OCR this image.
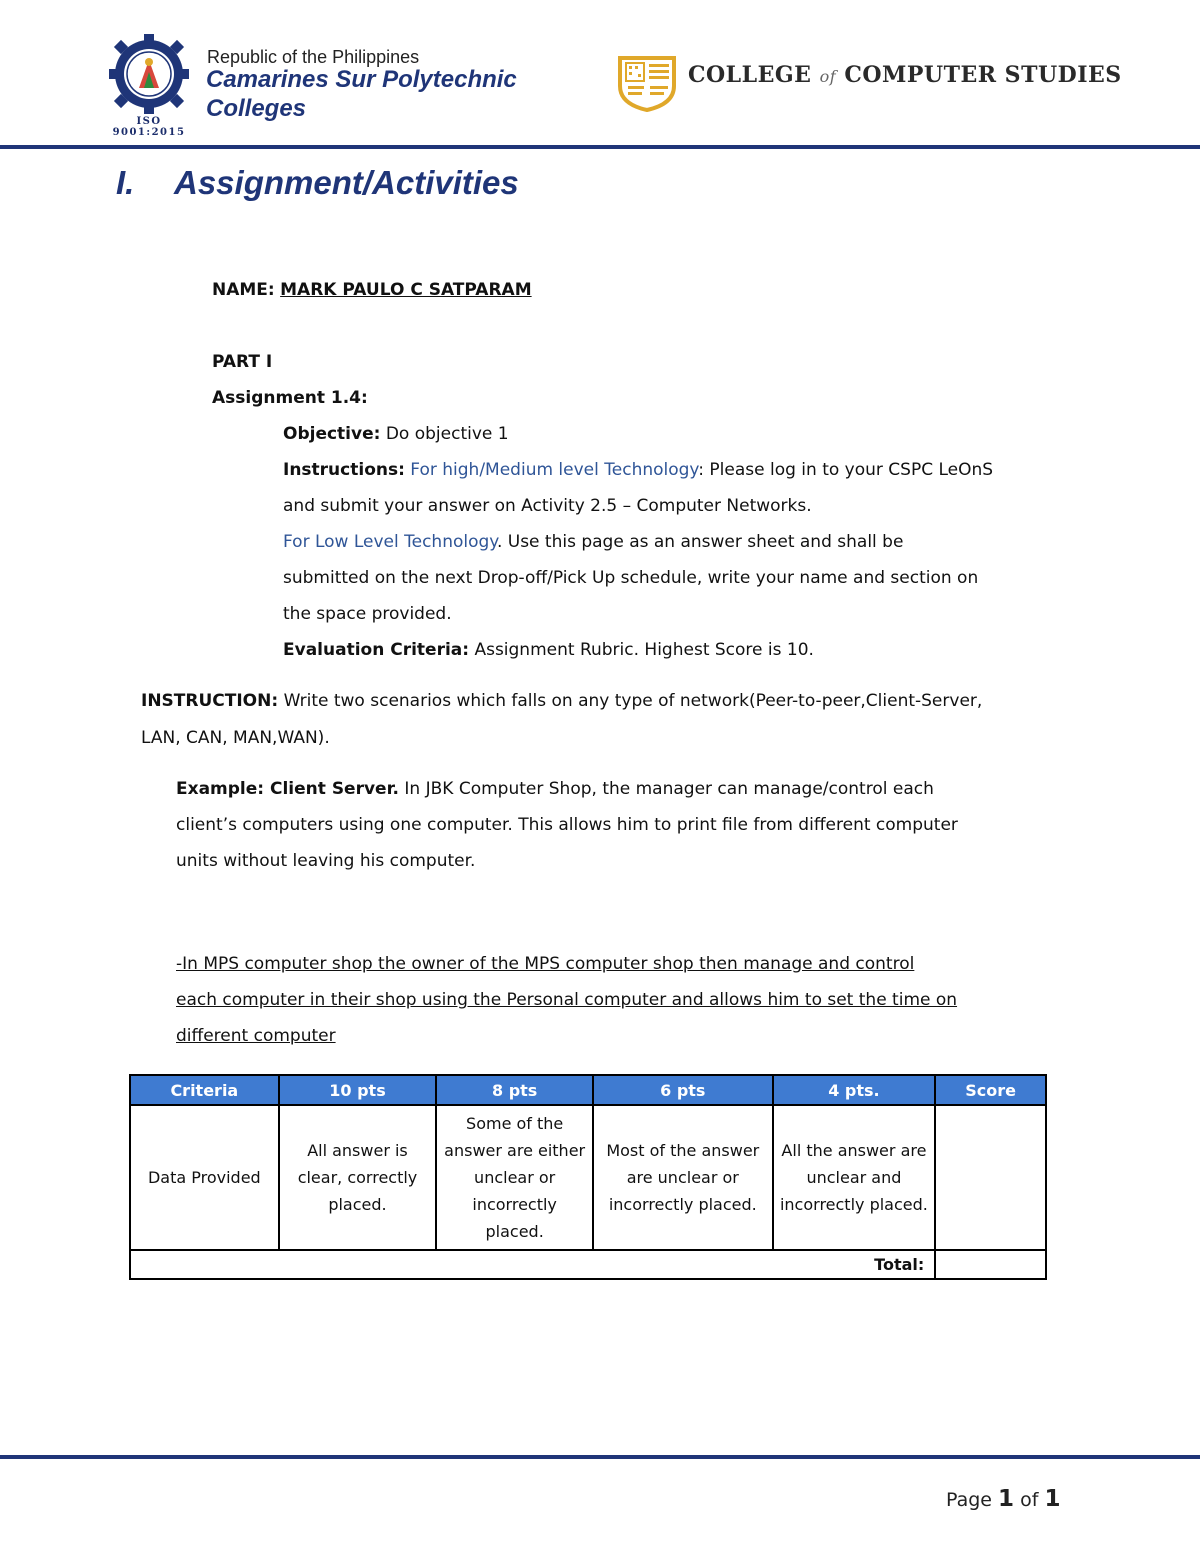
ISO 9001:2015
Republic of the Philippines
Camarines Sur Polytechnic
Colleges
COLLEGE of COMPUTER STUDIES
I. Assignment/Activities
NAME: MARK PAULO C SATPARAM
PART I
Assignment 1.4:
Objective: Do objective 1
Instructions: For high/Medium level Technology: Please log in to your CSPC LeOnS
and submit your answer on Activity 2.5 – Computer Networks.
For Low Level Technology. Use this page as an answer sheet and shall be
submitted on the next Drop-off/Pick Up schedule, write your name and section on
the space provided.
Evaluation Criteria: Assignment Rubric. Highest Score is 10.
INSTRUCTION: Write two scenarios which falls on any type of network(Peer-to-peer,Client-Server,
LAN, CAN, MAN,WAN).
Example: Client Server. In JBK Computer Shop, the manager can manage/control each
client’s computers using one computer. This allows him to print file from different computer
units without leaving his computer.
-In MPS computer shop the owner of the MPS computer shop then manage and control
each computer in their shop using the Personal computer and allows him to set the time on
different computer
Criteria	10 pts	8 pts	6 pts	4 pts.	Score
Data Provided	All answer is clear, correctly placed.	Some of the answer are either unclear or incorrectly placed.	Most of the answer are unclear or incorrectly placed.	All the answer are unclear and incorrectly placed.	
Total:					
Page 1 of 1
